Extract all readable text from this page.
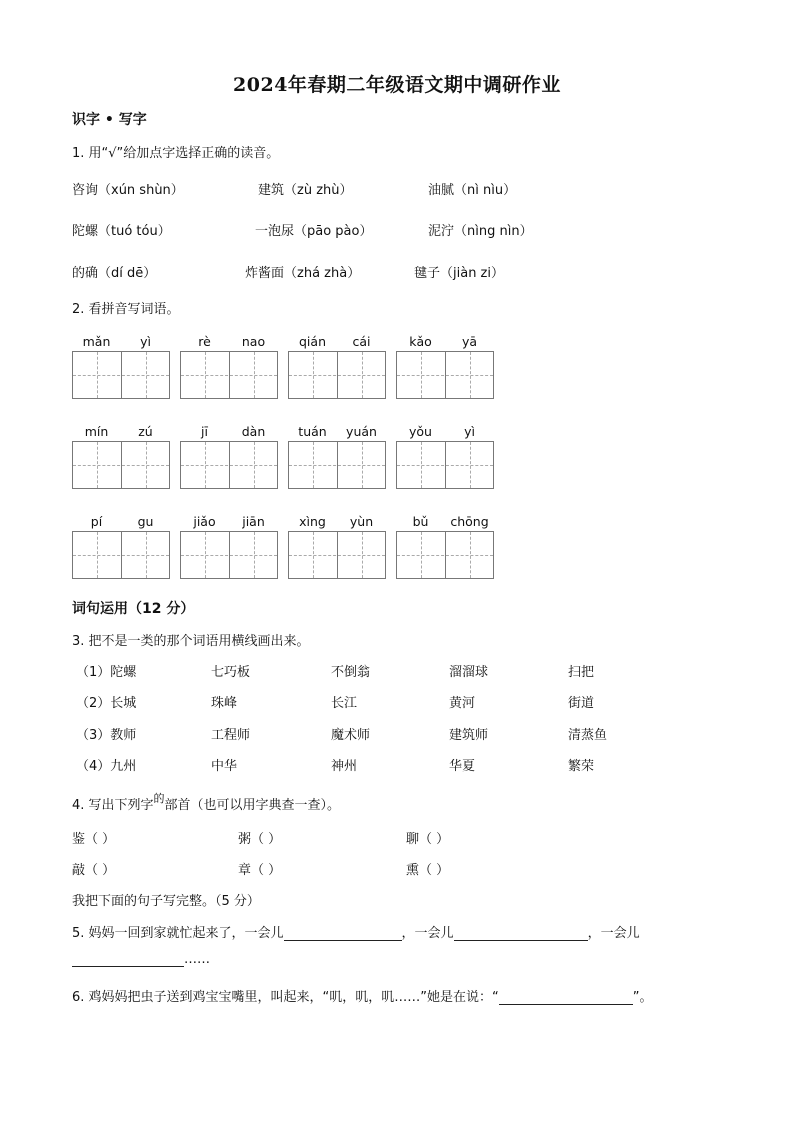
2024年春期二年级语文期中调研作业
识字 • 写字
1. 用“√”给加点字选择正确的读音。
咨询（xún shùn）	建筑（zù zhù）	油腻（nì nìu）
陀螺（tuó tóu）	一泡尿（pāo pào）	泥泞（nìng nìn）
的确（dí dē）	炸酱面（zhá zhà）	毽子（jiàn zi）
2. 看拼音写词语。
mǎn	yì	rè	nao	qián	cái	kǎo	yā
mín	zú	jī	dàn	tuán	yuán	yǒu	yì
pí	gu	jiǎo	jiān	xìng	yùn	bǔ	chōng
词句运用（12 分）
3. 把不是一类的那个词语用横线画出来。
（1）陀螺	七巧板	不倒翁	溜溜球	扫把
（2）长城	珠峰	长江	黄河	街道
（3）教师	工程师	魔术师	建筑师	清蒸鱼
（4）九州	中华	神州	华夏	繁荣
4. 写出下列字$^的$部首（也可以用字典查一查）。
鉴（ ）	粥（ ）	聊（ ）
敲（ ）	章（ ）	熏（ ）
我把下面的句子写完整。（5 分）
5. 妈妈一回到家就忙起来了，一会儿	，一会儿	，一会儿
……
6. 鸡妈妈把虫子送到鸡宝宝嘴里，叫起来，“叽，叽，叽……”她是在说：“	”。
